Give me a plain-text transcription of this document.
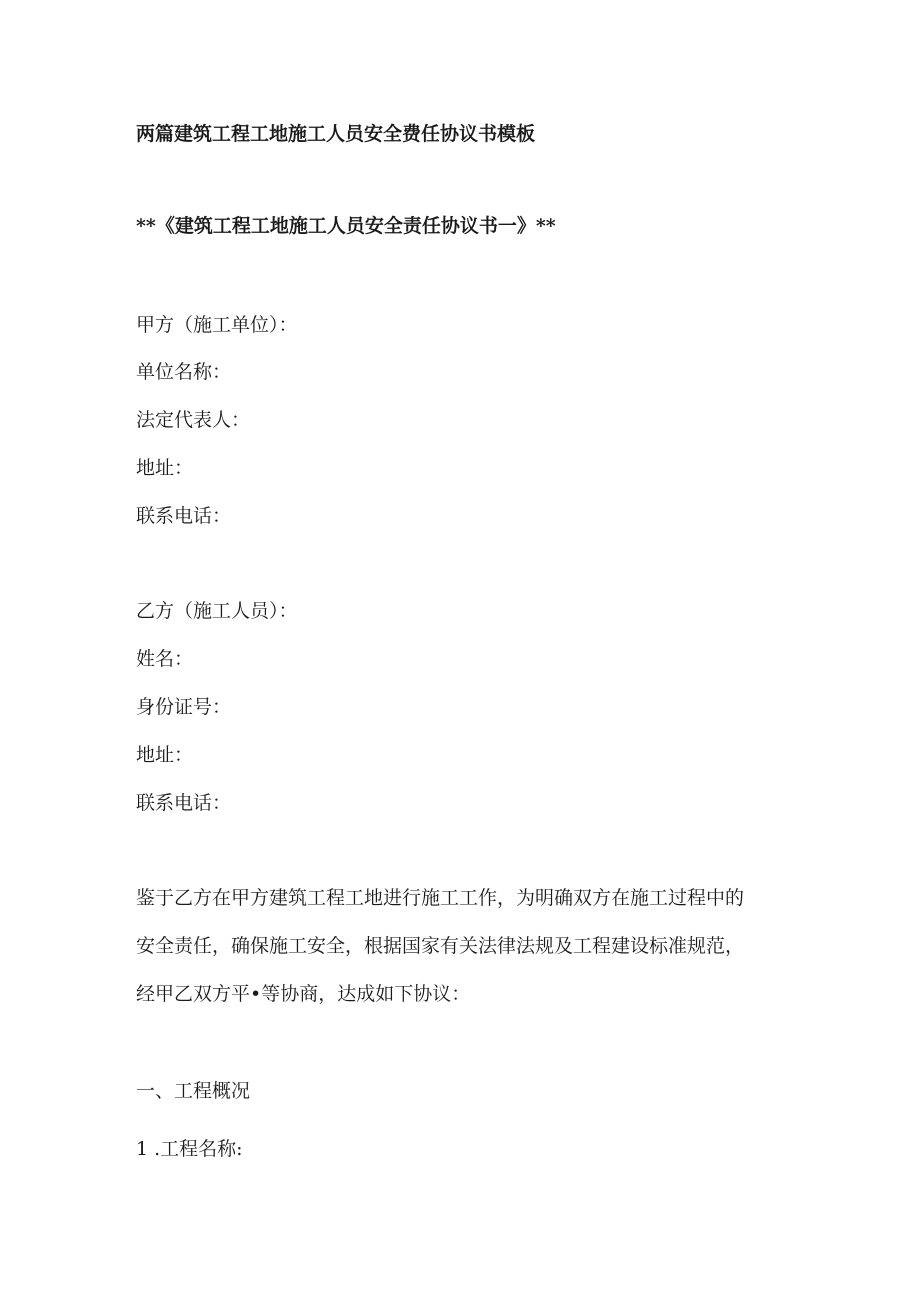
两篇建筑工程工地施工人员安全费任协议书模板
**《建筑工程工地施工人员安全责任协议书一》**

甲方（施工单位）：

单位名称：

法定代表人：

地址：

联系电话：

乙方（施工人员）：

姓名：

身份证号：

地址：

联系电话：

鉴于乙方在甲方建筑工程工地进行施工工作，为明确双方在施工过程中的
安全责任，确保施工安全，根据国家有关法律法规及工程建设标准规范，
经甲乙双方平•等协商，达成如下协议：
一、工程概况

1 .工程名称:
